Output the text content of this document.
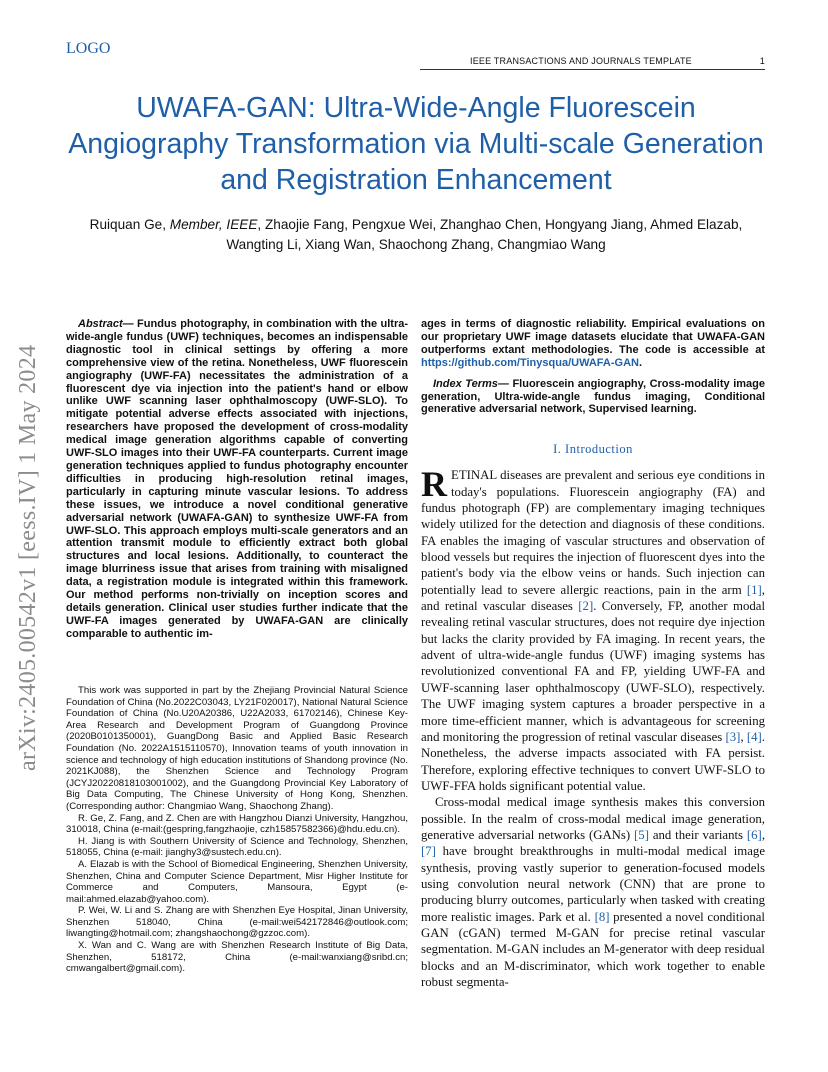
LOGO
IEEE TRANSACTIONS AND JOURNALS TEMPLATE	1
UWAFA-GAN: Ultra-Wide-Angle Fluorescein Angiography Transformation via Multi-scale Generation and Registration Enhancement
Ruiquan Ge, Member, IEEE, Zhaojie Fang, Pengxue Wei, Zhanghao Chen, Hongyang Jiang, Ahmed Elazab, Wangting Li, Xiang Wan, Shaochong Zhang, Changmiao Wang
arXiv:2405.00542v1 [eess.IV] 1 May 2024

Abstract— Fundus photography, in combination with the ultra-wide-angle fundus (UWF) techniques, becomes an indispensable diagnostic tool in clinical settings by offering a more comprehensive view of the retina. Nonetheless, UWF fluorescein angiography (UWF-FA) necessitates the administration of a fluorescent dye via injection into the patient's hand or elbow unlike UWF scanning laser ophthalmoscopy (UWF-SLO). To mitigate potential adverse effects associated with injections, researchers have proposed the development of cross-modality medical image generation algorithms capable of converting UWF-SLO images into their UWF-FA counterparts. Current image generation techniques applied to fundus photography encounter difficulties in producing high-resolution retinal images, particularly in capturing minute vascular lesions. To address these issues, we introduce a novel conditional generative adversarial network (UWAFA-GAN) to synthesize UWF-FA from UWF-SLO. This approach employs multi-scale generators and an attention transmit module to efficiently extract both global structures and local lesions. Additionally, to counteract the image blurriness issue that arises from training with misaligned data, a registration module is integrated within this framework. Our method performs non-trivially on inception scores and details generation. Clinical user studies further indicate that the UWF-FA images generated by UWAFA-GAN are clinically comparable to authentic im-

This work was supported in part by the Zhejiang Provincial Natural Science Foundation of China (No.2022C03043, LY21F020017), National Natural Science Foundation of China (No.U20A20386, U22A2033, 61702146), Chinese Key-Area Research and Development Program of Guangdong Province (2020B0101350001), GuangDong Basic and Applied Basic Research Foundation (No. 2022A1515110570), Innovation teams of youth innovation in science and technology of high education institutions of Shandong province (No. 2021KJ088), the Shenzhen Science and Technology Program (JCYJ20220818103001002), and the Guangdong Provincial Key Laboratory of Big Data Computing, The Chinese University of Hong Kong, Shenzhen. (Corresponding author: Changmiao Wang, Shaochong Zhang).

R. Ge, Z. Fang, and Z. Chen are with Hangzhou Dianzi University, Hangzhou, 310018, China (e-mail:(gespring,fangzhaojie, czh15857582366)@hdu.edu.cn).

H. Jiang is with Southern University of Science and Technology, Shenzhen, 518055, China (e-mail: jianghy3@sustech.edu.cn).

A. Elazab is with the School of Biomedical Engineering, Shenzhen University, Shenzhen, China and Computer Science Department, Misr Higher Institute for Commerce and Computers, Mansoura, Egypt (e-mail:ahmed.elazab@yahoo.com).

P. Wei, W. Li and S. Zhang are with Shenzhen Eye Hospital, Jinan University, Shenzhen 518040, China (e-mail:wei542172846@outlook.com; liwangting@hotmail.com; zhangshaochong@gzzoc.com).

X. Wan and C. Wang are with Shenzhen Research Institute of Big Data, Shenzhen, 518172, China (e-mail:wanxiang@sribd.cn; cmwangalbert@gmail.com).

ages in terms of diagnostic reliability. Empirical evaluations on our proprietary UWF image datasets elucidate that UWAFA-GAN outperforms extant methodologies. The code is accessible at https://github.com/Tinysqua/UWAFA-GAN.

Index Terms— Fluorescein angiography, Cross-modality image generation, Ultra-wide-angle fundus imaging, Conditional generative adversarial network, Supervised learning.

I. Introduction

RETINAL diseases are prevalent and serious eye conditions in today's populations. Fluorescein angiography (FA) and fundus photograph (FP) are complementary imaging techniques widely utilized for the detection and diagnosis of these conditions. FA enables the imaging of vascular structures and observation of blood vessels but requires the injection of fluorescent dyes into the patient's body via the elbow veins or hands. Such injection can potentially lead to severe allergic reactions, pain in the arm [1], and retinal vascular diseases [2]. Conversely, FP, another modal revealing retinal vascular structures, does not require dye injection but lacks the clarity provided by FA imaging. In recent years, the advent of ultra-wide-angle fundus (UWF) imaging systems has revolutionized conventional FA and FP, yielding UWF-FA and UWF-scanning laser ophthalmoscopy (UWF-SLO), respectively. The UWF imaging system captures a broader perspective in a more time-efficient manner, which is advantageous for screening and monitoring the progression of retinal vascular diseases [3], [4]. Nonetheless, the adverse impacts associated with FA persist. Therefore, exploring effective techniques to convert UWF-SLO to UWF-FFA holds significant potential value.

Cross-modal medical image synthesis makes this conversion possible. In the realm of cross-modal medical image generation, generative adversarial networks (GANs) [5] and their variants [6], [7] have brought breakthroughs in multi-modal medical image synthesis, proving vastly superior to generation-focused models using convolution neural network (CNN) that are prone to producing blurry outcomes, particularly when tasked with creating more realistic images. Park et al. [8] presented a novel conditional GAN (cGAN) termed M-GAN for precise retinal vascular segmentation. M-GAN includes an M-generator with deep residual blocks and an M-discriminator, which work together to enable robust segmenta-
